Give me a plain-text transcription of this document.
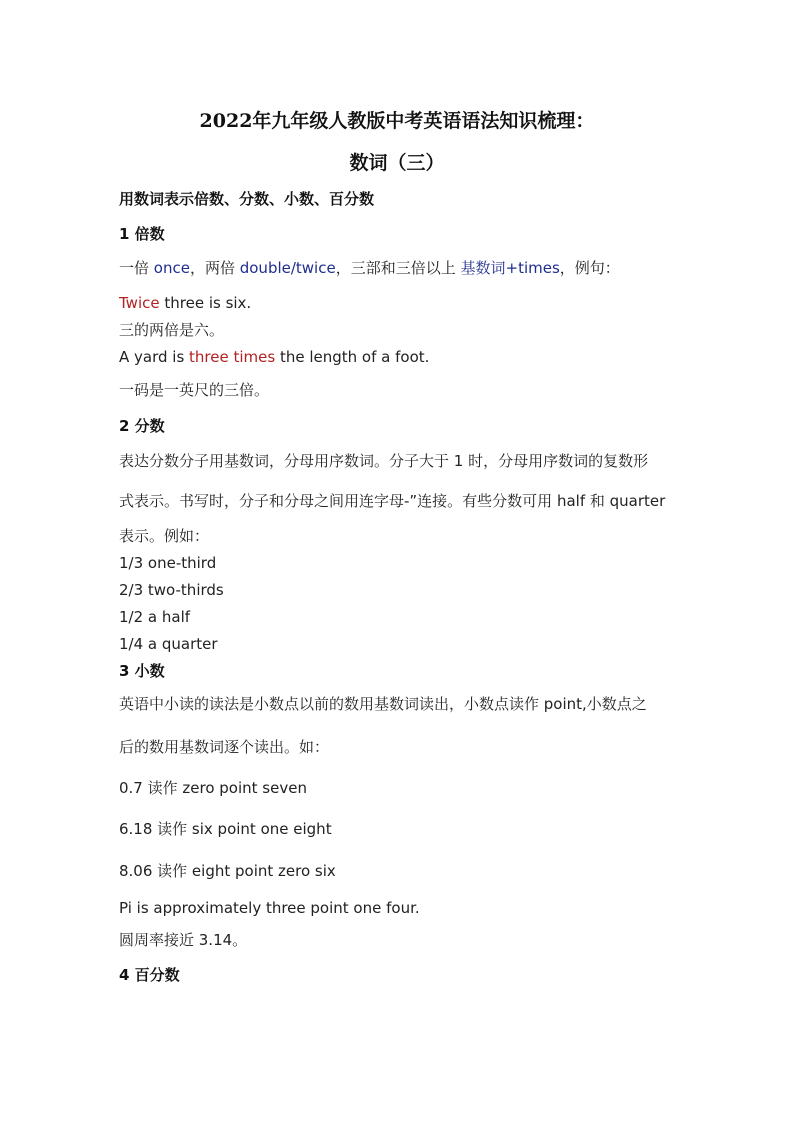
2022年九年级人教版中考英语语法知识梳理：
数词（三）
用数词表示倍数、分数、小数、百分数
1 倍数
一倍 once，两倍 double/twice，三部和三倍以上 基数词+times，例句：
Twice three is six.
三的两倍是六。
A yard is three times the length of a foot.
一码是一英尺的三倍。
2 分数
表达分数分子用基数词，分母用序数词。分子大于 1 时，分母用序数词的复数形
式表示。书写时，分子和分母之间用连字母-”连接。有些分数可用 half 和 quarter
表示。例如：
1/3 one-third
2/3 two-thirds
1/2 a half
1/4 a quarter
3 小数
英语中小读的读法是小数点以前的数用基数词读出，小数点读作 point,小数点之
后的数用基数词逐个读出。如：
0.7 读作 zero point seven
6.18 读作 six point one eight
8.06 读作 eight point zero six
Pi is approximately three point one four.
圆周率接近 3.14。
4 百分数
